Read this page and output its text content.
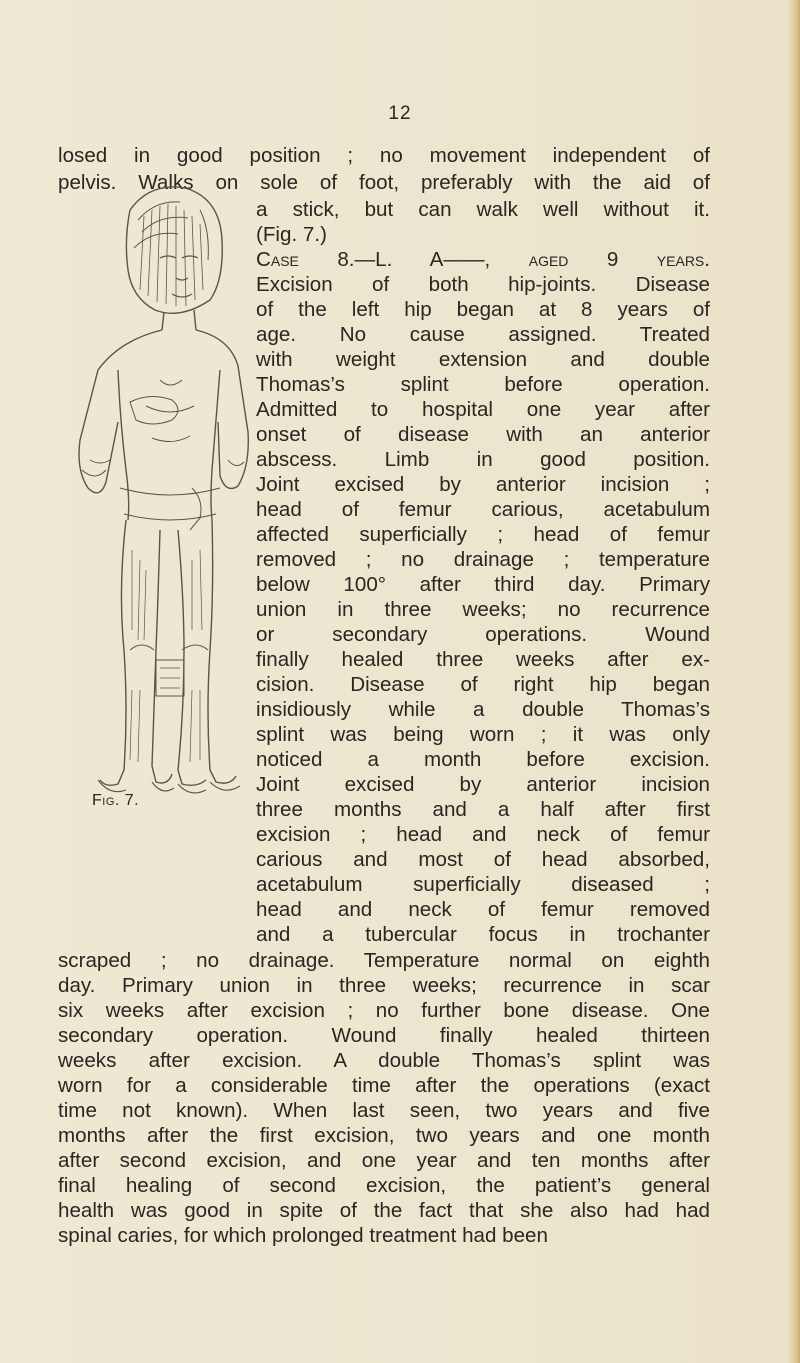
12
losed in good position ; no movement independent of
pelvis. Walks on sole of foot, preferably with the aid of
Fig. 7.
a stick, but can walk well without it.
(Fig. 7.)
Case 8.—L. A——, aged 9 years.
Excision of both hip-joints. Disease
of the left hip began at 8 years of
age. No cause assigned. Treated
with weight extension and double
Thomas’s splint before operation.
Admitted to hospital one year after
onset of disease with an anterior
abscess. Limb in good position.
Joint excised by anterior incision ;
head of femur carious, acetabulum
affected superficially ; head of femur
removed ; no drainage ; temperature
below 100° after third day. Primary
union in three weeks; no recurrence
or secondary operations. Wound
finally healed three weeks after ex-
cision. Disease of right hip began
insidiously while a double Thomas’s
splint was being worn ; it was only
noticed a month before excision.
Joint excised by anterior incision
three months and a half after first
excision ; head and neck of femur
carious and most of head absorbed,
acetabulum superficially diseased ;
head and neck of femur removed
and a tubercular focus in trochanter
scraped ; no drainage. Temperature normal on eighth
day. Primary union in three weeks; recurrence in scar
six weeks after excision ; no further bone disease. One
secondary operation. Wound finally healed thirteen
weeks after excision. A double Thomas’s splint was
worn for a considerable time after the operations (exact
time not known). When last seen, two years and five
months after the first excision, two years and one month
after second excision, and one year and ten months after
final healing of second excision, the patient’s general
health was good in spite of the fact that she also had had
spinal caries, for which prolonged treatment had been
